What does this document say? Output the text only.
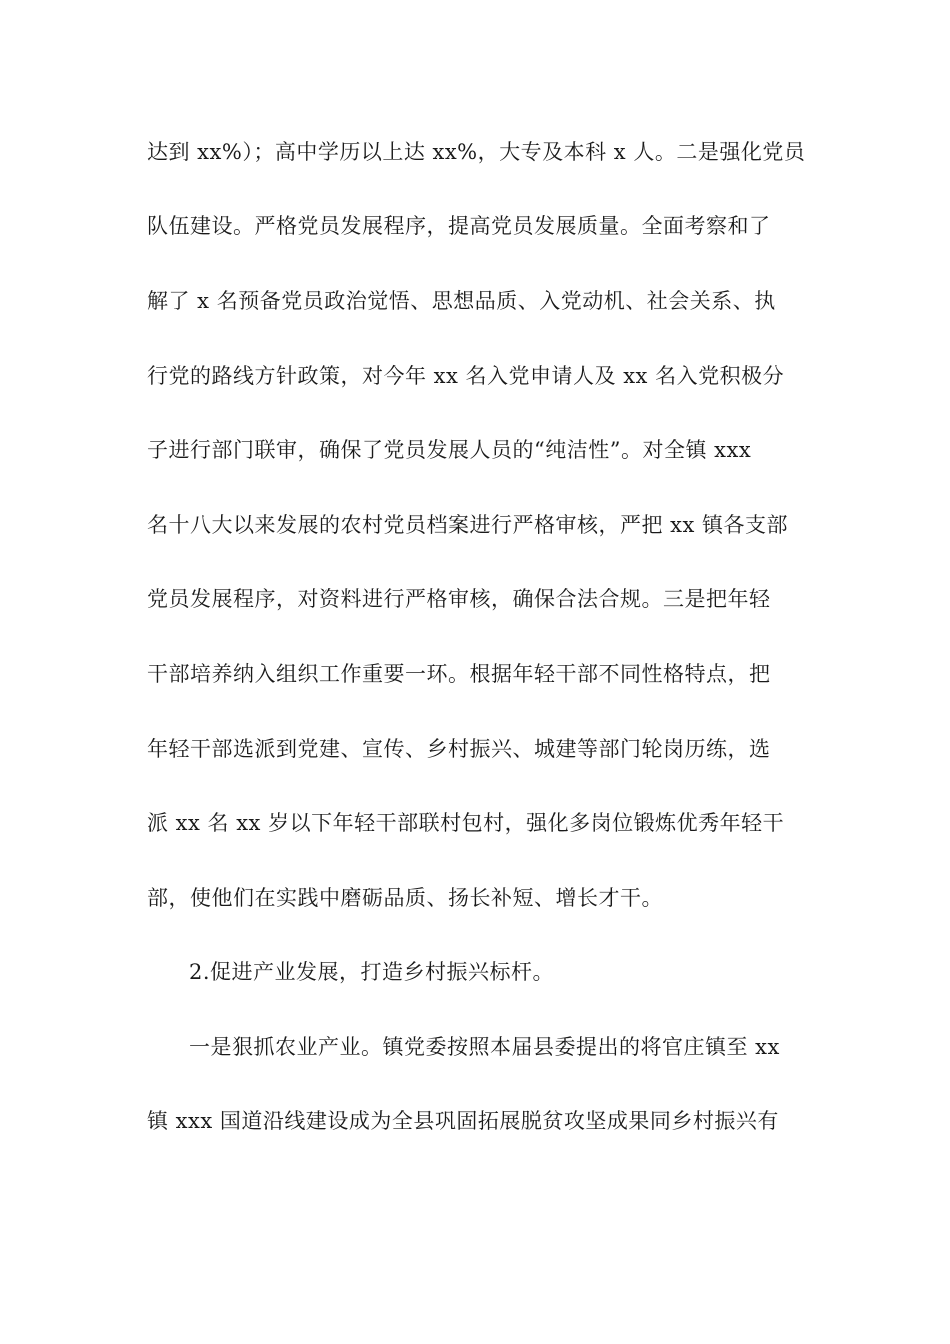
达到 xx%）；高中学历以上达 xx%，大专及本科 x 人。二是强化党员
队伍建设。严格党员发展程序，提高党员发展质量。全面考察和了
解了 x 名预备党员政治觉悟、思想品质、入党动机、社会关系、执
行党的路线方针政策，对今年 xx 名入党申请人及 xx 名入党积极分
子进行部门联审，确保了党员发展人员的“纯洁性”。对全镇 xxx
名十八大以来发展的农村党员档案进行严格审核，严把 xx 镇各支部
党员发展程序，对资料进行严格审核，确保合法合规。三是把年轻
干部培养纳入组织工作重要一环。根据年轻干部不同性格特点，把
年轻干部选派到党建、宣传、乡村振兴、城建等部门轮岗历练，选
派 xx 名 xx 岁以下年轻干部联村包村，强化多岗位锻炼优秀年轻干
部，使他们在实践中磨砺品质、扬长补短、增长才干。
2.促进产业发展，打造乡村振兴标杆。
一是狠抓农业产业。镇党委按照本届县委提出的将官庄镇至 xx
镇 xxx 国道沿线建设成为全县巩固拓展脱贫攻坚成果同乡村振兴有
